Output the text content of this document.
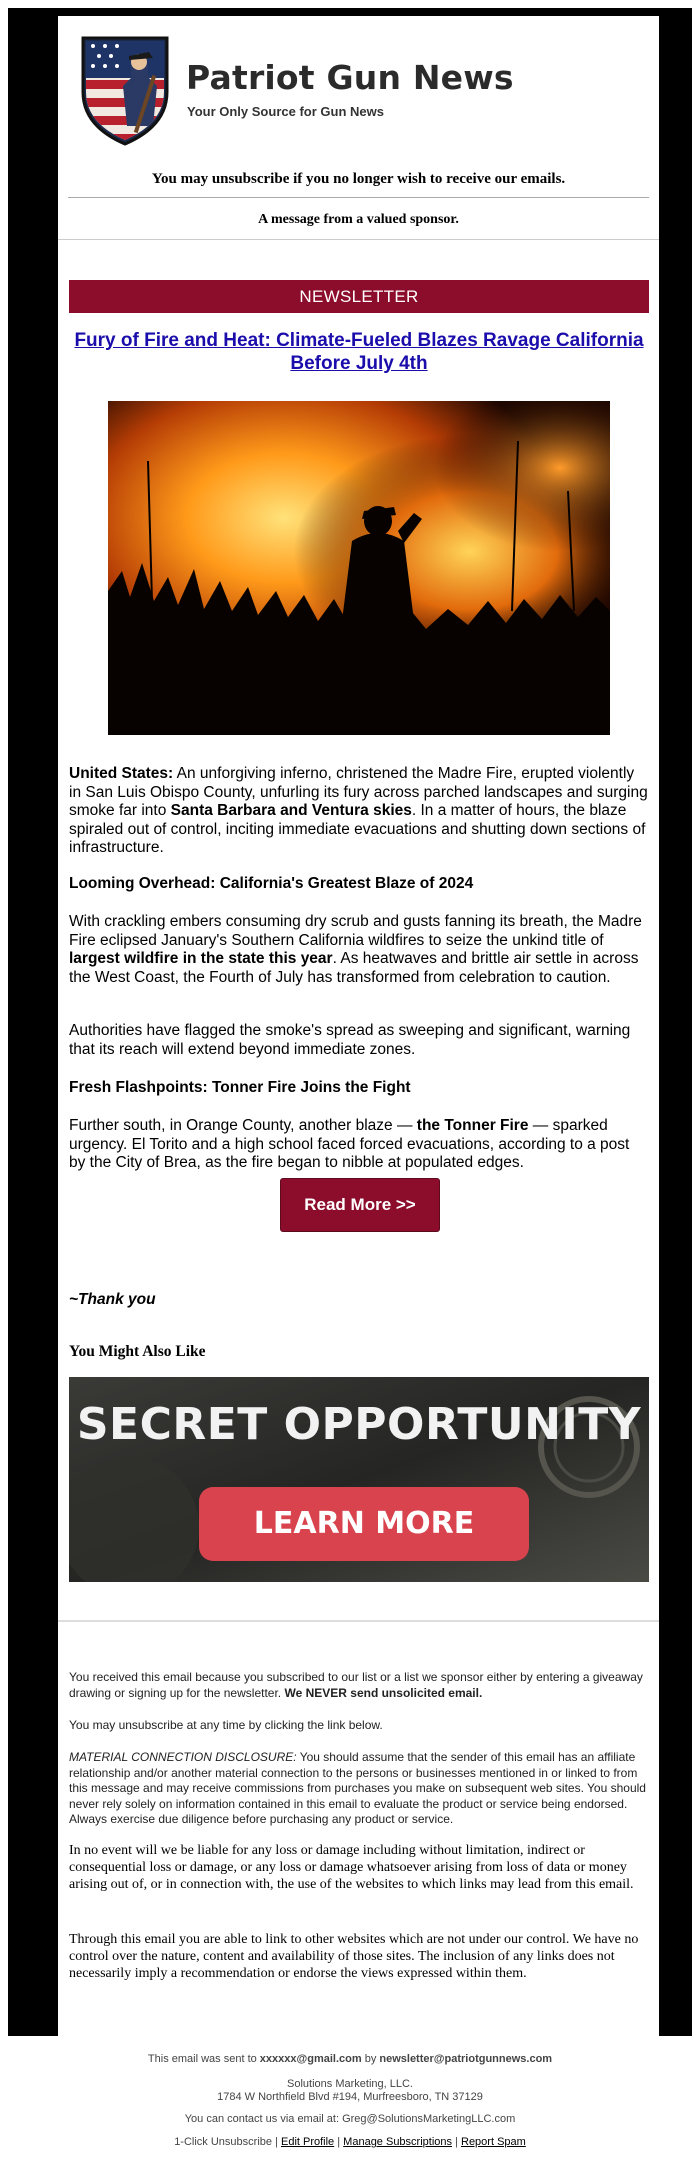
Patriot Gun News
Your Only Source for Gun News
You may unsubscribe if you no longer wish to receive our emails.
A message from a valued sponsor.
NEWSLETTER
Fury of Fire and Heat: Climate-Fueled Blazes Ravage California Before July 4th
United States: An unforgiving inferno, christened the Madre Fire, erupted violently in San Luis Obispo County, unfurling its fury across parched landscapes and surging smoke far into Santa Barbara and Ventura skies. In a matter of hours, the blaze spiraled out of control, inciting immediate evacuations and shutting down sections of infrastructure.
Looming Overhead: California's Greatest Blaze of 2024
With crackling embers consuming dry scrub and gusts fanning its breath, the Madre Fire eclipsed January's Southern California wildfires to seize the unkind title of largest wildfire in the state this year. As heatwaves and brittle air settle in across the West Coast, the Fourth of July has transformed from celebration to caution.
Authorities have flagged the smoke's spread as sweeping and significant, warning that its reach will extend beyond immediate zones.
Fresh Flashpoints: Tonner Fire Joins the Fight
Further south, in Orange County, another blaze — the Tonner Fire — sparked urgency. El Torito and a high school faced forced evacuations, according to a post by the City of Brea, as the fire began to nibble at populated edges.
Read More >>
~Thank you
You Might Also Like
SECRET OPPORTUNITY
LEARN MORE
You received this email because you subscribed to our list or a list we sponsor either by entering a giveaway drawing or signing up for the newsletter. We NEVER send unsolicited email.
You may unsubscribe at any time by clicking the link below.
MATERIAL CONNECTION DISCLOSURE: You should assume that the sender of this email has an affiliate relationship and/or another material connection to the persons or businesses mentioned in or linked to from this message and may receive commissions from purchases you make on subsequent web sites. You should never rely solely on information contained in this email to evaluate the product or service being endorsed. Always exercise due diligence before purchasing any product or service.
In no event will we be liable for any loss or damage including without limitation, indirect or consequential loss or damage, or any loss or damage whatsoever arising from loss of data or money arising out of, or in connection with, the use of the websites to which links may lead from this email.
Through this email you are able to link to other websites which are not under our control. We have no control over the nature, content and availability of those sites. The inclusion of any links does not necessarily imply a recommendation or endorse the views expressed within them.
This email was sent to xxxxxx@gmail.com by newsletter@patriotgunnews.com
Solutions Marketing, LLC.
1784 W Northfield Blvd #194, Murfreesboro, TN 37129
You can contact us via email at: Greg@SolutionsMarketingLLC.com
1-Click Unsubscribe | Edit Profile | Manage Subscriptions | Report Spam
